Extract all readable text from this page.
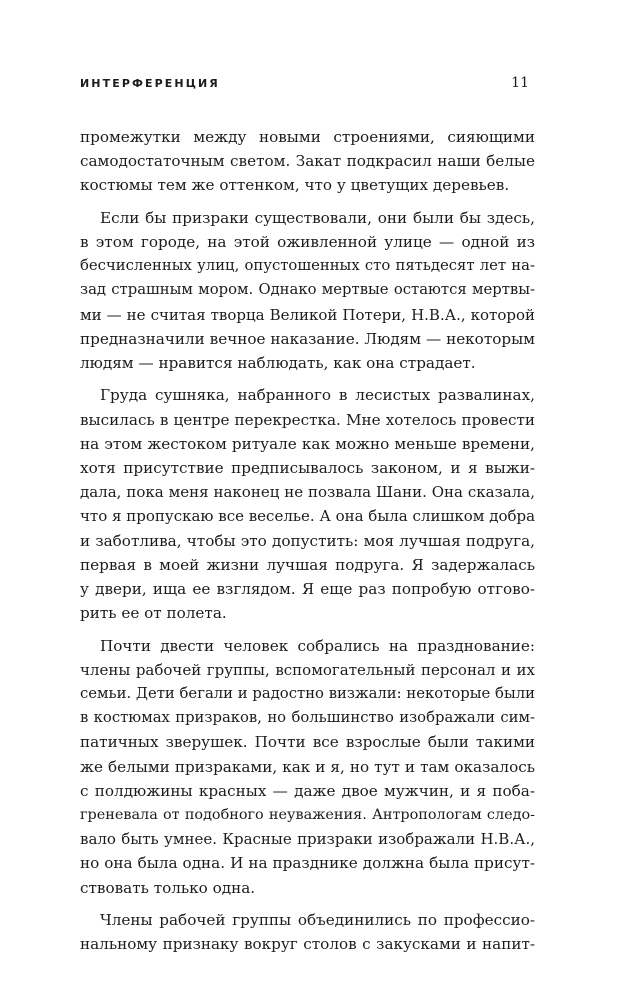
ИНТЕРФЕРЕНЦИЯ	11

промежутки между новыми строениями, сияющими
самодостаточным светом. Закат подкрасил наши белые
костюмы тем же оттенком, что у цветущих деревьев.

Если бы призраки существовали, они были бы здесь,
в этом городе, на этой оживленной улице — одной из
бесчисленных улиц, опустошенных сто пятьдесят лет на-
зад страшным мором. Однако мертвые остаются мертвы-
ми — не считая творца Великой Потери, Н.В.А., которой
предназначили вечное наказание. Людям — некоторым
людям — нравится наблюдать, как она страдает.

Груда сушняка, набранного в лесистых развалинах,
высилась в центре перекрестка. Мне хотелось провести
на этом жестоком ритуале как можно меньше времени,
хотя присутствие предписывалось законом, и я выжи-
дала, пока меня наконец не позвала Шани. Она сказала,
что я пропускаю все веселье. А она была слишком добра
и заботлива, чтобы это допустить: моя лучшая подруга,
первая в моей жизни лучшая подруга. Я задержалась
у двери, ища ее взглядом. Я еще раз попробую отгово-
рить ее от полета.

Почти двести человек собрались на празднование:
члены рабочей группы, вспомогательный персонал и их
семьи. Дети бегали и радостно визжали: некоторые были
в костюмах призраков, но большинство изображали сим-
патичных зверушек. Почти все взрослые были такими
же белыми призраками, как и я, но тут и там оказалось
с полдюжины красных — даже двое мужчин, и я поба-
греневала от подобного неуважения. Антропологам следо-
вало быть умнее. Красные призраки изображали Н.В.А.,
но она была одна. И на празднике должна была присут-
ствовать только одна.

Члены рабочей группы объединились по профессио-
нальному признаку вокруг столов с закусками и напит-
